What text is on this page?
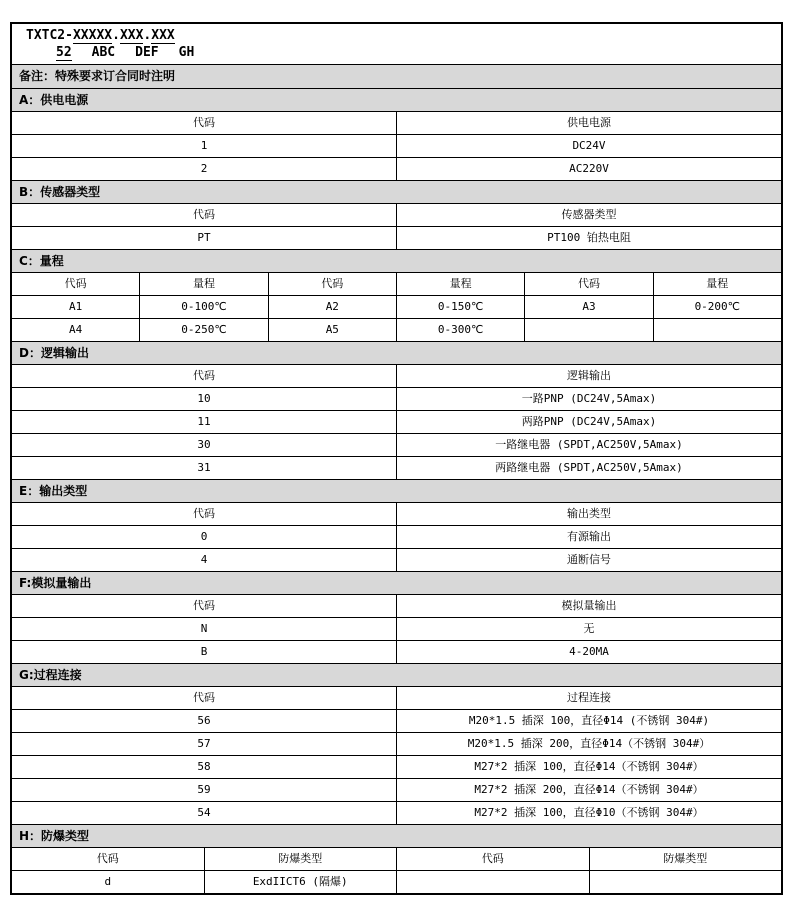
TXTC2-XXXXX.XXX.XXX
52 ABC DEF GH
备注：特殊要求订合同时注明
A：供电电源
代码	供电电源
1	DC24V
2	AC220V
B：传感器类型
代码	传感器类型
PT	PT100 铂热电阻
C：量程
代码	量程	代码	量程	代码	量程
A1	0-100℃	A2	0-150℃	A3	0-200℃
A4	0-250℃	A5	0-300℃
D：逻辑输出
代码	逻辑输出
10	一路PNP (DC24V,5Amax)
11	两路PNP (DC24V,5Amax)
30	一路继电器 (SPDT,AC250V,5Amax)
31	两路继电器 (SPDT,AC250V,5Amax)
E：输出类型
代码	输出类型
0	有源输出
4	通断信号
F:模拟量输出
代码	模拟量输出
N	无
B	4-20MA
G:过程连接
代码	过程连接
56	M20*1.5 插深 100，直径Φ14 (不锈钢 304#)
57	M20*1.5 插深 200，直径Φ14（不锈钢 304#）
58	M27*2 插深 100，直径Φ14（不锈钢 304#）
59	M27*2 插深 200，直径Φ14（不锈钢 304#）
54	M27*2 插深 100，直径Φ10（不锈钢 304#）
H：防爆类型
代码	防爆类型	代码	防爆类型
d	ExdIICT6 (隔爆)
